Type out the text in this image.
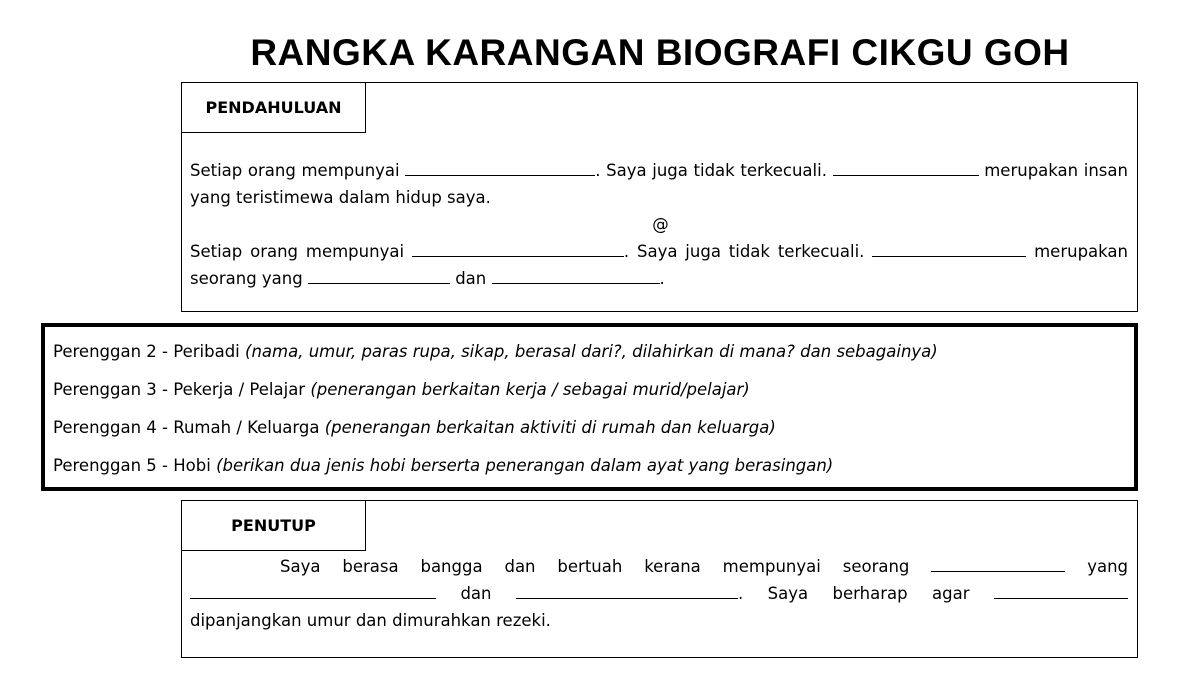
RANGKA KARANGAN BIOGRAFI CIKGU GOH
PENDAHULUAN

Setiap orang mempunyai	. Saya juga tidak terkecuali.	merupakan insan yang teristimewa dalam hidup saya.

@

Setiap orang mempunyai	. Saya juga tidak terkecuali.	merupakan seorang yang	dan	.

Perenggan 2 - Peribadi (nama, umur, paras rupa, sikap, berasal dari?, dilahirkan di mana? dan sebagainya)
Perenggan 3 - Pekerja / Pelajar (penerangan berkaitan kerja / sebagai murid/pelajar)
Perenggan 4 - Rumah / Keluarga (penerangan berkaitan aktiviti di rumah dan keluarga)
Perenggan 5 - Hobi (berikan dua jenis hobi berserta penerangan dalam ayat yang berasingan)
PENUTUP

Saya berasa bangga dan bertuah kerana mempunyai seorang	yang  dan	. Saya berharap agar  dipanjangkan umur dan dimurahkan rezeki.
